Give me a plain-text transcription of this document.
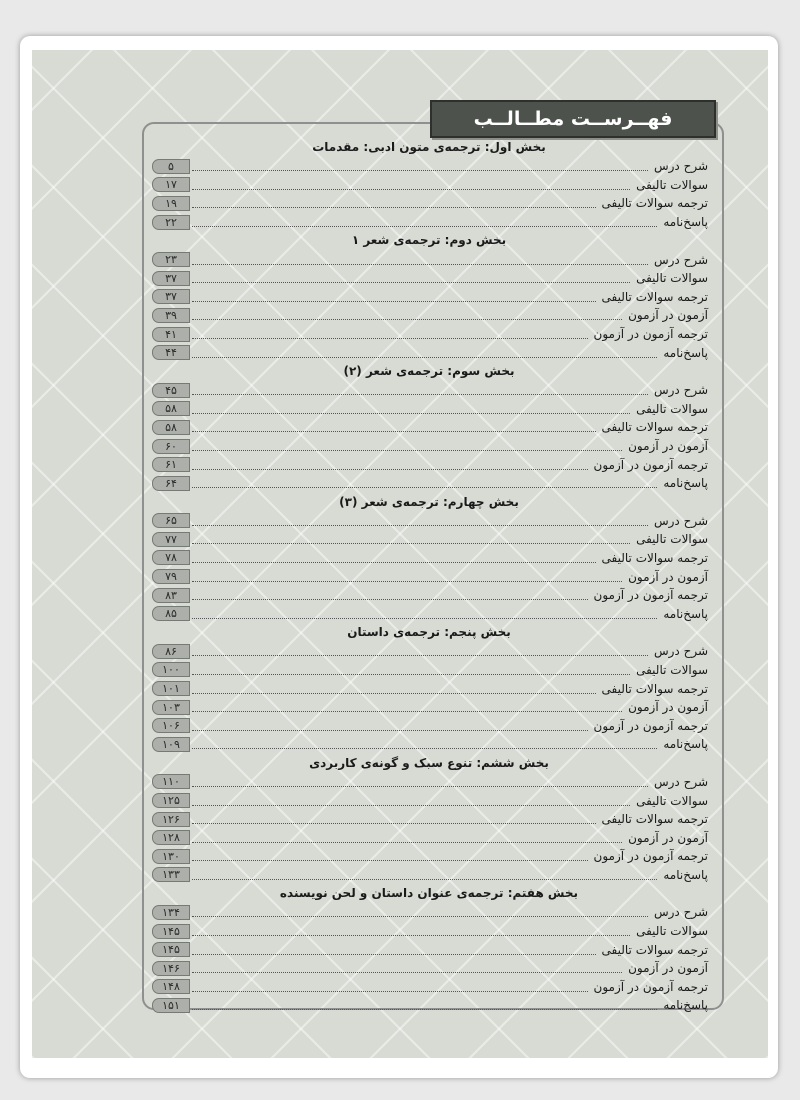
فهــرســت مطــالــب
بخش اول: ترجمه‌ی متون ادبی: مقدمات
شرح درس
۵
سوالات تالیفی
۱۷
ترجمه سوالات تالیفی
۱۹
پاسخ‌نامه
۲۲
بخش دوم: ترجمه‌ی شعر ۱
شرح درس
۲۳
سوالات تالیفی
۳۷
ترجمه سوالات تالیفی
۳۷
آزمون در آزمون
۳۹
ترجمه آزمون در آزمون
۴۱
پاسخ‌نامه
۴۴
بخش سوم: ترجمه‌ی شعر (۲)
شرح درس
۴۵
سوالات تالیفی
۵۸
ترجمه سوالات تالیفی
۵۸
آزمون در آزمون
۶۰
ترجمه آزمون در آزمون
۶۱
پاسخ‌نامه
۶۴
بخش چهارم: ترجمه‌ی شعر (۳)
شرح درس
۶۵
سوالات تالیفی
۷۷
ترجمه سوالات تالیفی
۷۸
آزمون در آزمون
۷۹
ترجمه آزمون در آزمون
۸۳
پاسخ‌نامه
۸۵
بخش پنجم: ترجمه‌ی داستان
شرح درس
۸۶
سوالات تالیفی
۱۰۰
ترجمه سوالات تالیفی
۱۰۱
آزمون در آزمون
۱۰۳
ترجمه آزمون در آزمون
۱۰۶
پاسخ‌نامه
۱۰۹
بخش ششم: تنوع سبک و گونه‌ی کاربردی
شرح درس
۱۱۰
سوالات تالیفی
۱۲۵
ترجمه سوالات تالیفی
۱۲۶
آزمون در آزمون
۱۲۸
ترجمه آزمون در آزمون
۱۳۰
پاسخ‌نامه
۱۳۳
بخش هفتم: ترجمه‌ی عنوان داستان و لحن نویسنده
شرح درس
۱۳۴
سوالات تالیفی
۱۴۵
ترجمه سوالات تالیفی
۱۴۵
آزمون در آزمون
۱۴۶
ترجمه آزمون در آزمون
۱۴۸
پاسخ‌نامه
۱۵۱
